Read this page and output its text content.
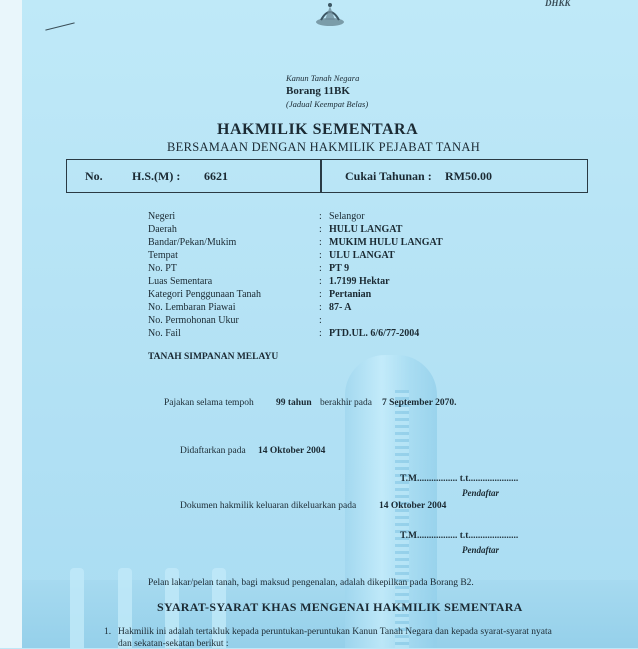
DHKK
Kanun Tanah Negara
Borang 11BK
(Jadual Keempat Belas)
HAKMILIK SEMENTARA
BERSAMAAN DENGAN HAKMILIK PEJABAT TANAH
No. H.S.(M) : 6621	Cukai Tahunan : RM50.00
Negeri	: Selangor
Daerah	: HULU LANGAT
Bandar/Pekan/Mukim	: MUKIM HULU LANGAT
Tempat	: ULU LANGAT
No. PT	: PT 9
Luas Sementara	: 1.7199 Hektar
Kategori Penggunaan Tanah	: Pertanian
No. Lembaran Piawai	: 87- A
No. Permohonan Ukur	:
No. Fail	: PTD.UL. 6/6/77-2004
TANAH SIMPANAN MELAYU
Pajakan selama tempoh 99 tahun berakhir pada 7 September 2070.
Didaftarkan pada 14 Oktober 2004
T.M................. t.t.....................
Pendaftar
Dokumen hakmilik keluaran dikeluarkan pada 14 Oktober 2004
T.M................. t.t.....................
Pendaftar
Pelan lakar/pelan tanah, bagi maksud pengenalan, adalah dikepilkan pada Borang B2.
SYARAT-SYARAT KHAS MENGENAI HAKMILIK SEMENTARA
1. Hakmilik ini adalah tertakluk kepada peruntukan-peruntukan Kanun Tanah Negara dan kepada syarat-syarat nyata
dan sekatan-sekatan berikut :
